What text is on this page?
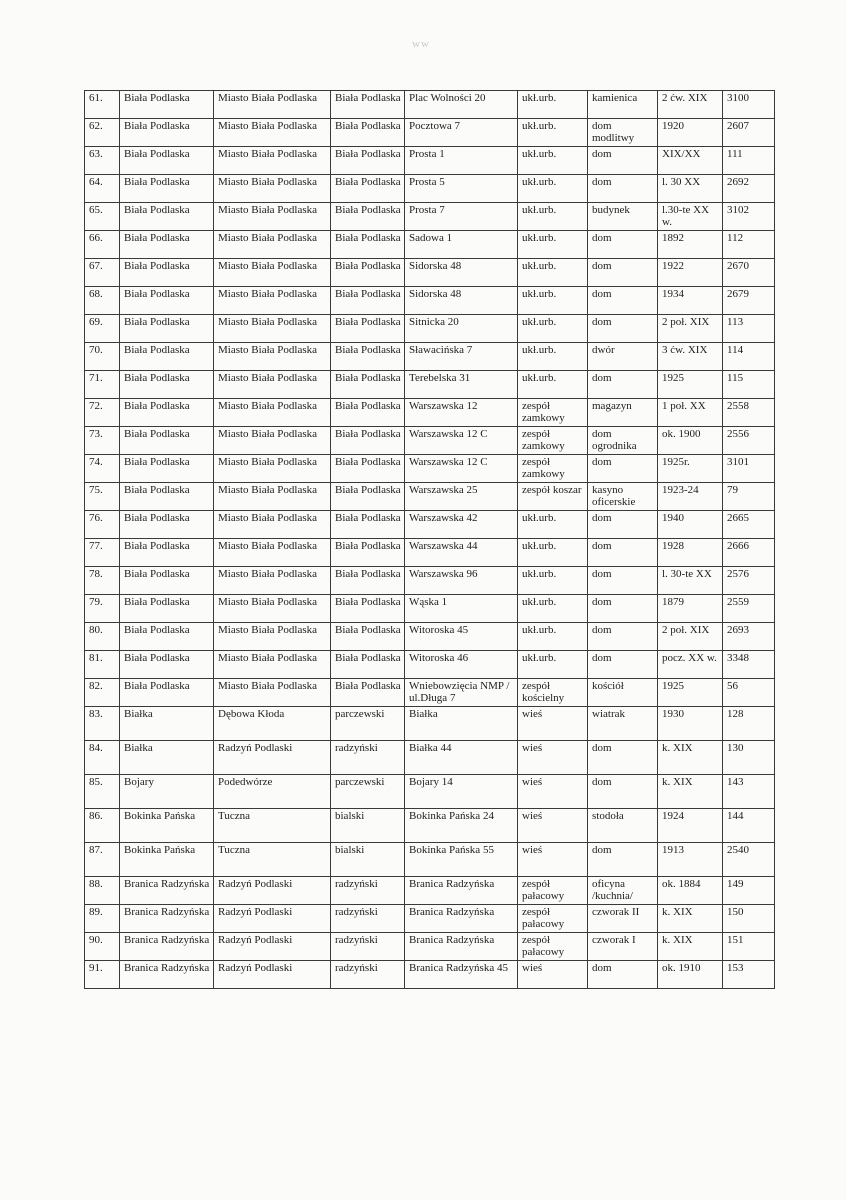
ww
61.	Biała Podlaska	Miasto Biała Podlaska	Biała Podlaska	Plac Wolności 20	ukł.urb.	kamienica	2 ćw. XIX	3100
62.	Biała Podlaska	Miasto Biała Podlaska	Biała Podlaska	Pocztowa 7	ukł.urb.	dom modlitwy	1920	2607
63.	Biała Podlaska	Miasto Biała Podlaska	Biała Podlaska	Prosta 1	ukł.urb.	dom	XIX/XX	111
64.	Biała Podlaska	Miasto Biała Podlaska	Biała Podlaska	Prosta 5	ukł.urb.	dom	l. 30 XX	2692
65.	Biała Podlaska	Miasto Biała Podlaska	Biała Podlaska	Prosta 7	ukł.urb.	budynek	l.30-te XX w.	3102
66.	Biała Podlaska	Miasto Biała Podlaska	Biała Podlaska	Sadowa 1	ukł.urb.	dom	1892	112
67.	Biała Podlaska	Miasto Biała Podlaska	Biała Podlaska	Sidorska 48	ukł.urb.	dom	1922	2670
68.	Biała Podlaska	Miasto Biała Podlaska	Biała Podlaska	Sidorska 48	ukł.urb.	dom	1934	2679
69.	Biała Podlaska	Miasto Biała Podlaska	Biała Podlaska	Sitnicka 20	ukł.urb.	dom	2 poł. XIX	113
70.	Biała Podlaska	Miasto Biała Podlaska	Biała Podlaska	Sławacińska 7	ukł.urb.	dwór	3 ćw. XIX	114
71.	Biała Podlaska	Miasto Biała Podlaska	Biała Podlaska	Terebelska 31	ukł.urb.	dom	1925	115
72.	Biała Podlaska	Miasto Biała Podlaska	Biała Podlaska	Warszawska 12	zespół zamkowy	magazyn	1 poł. XX	2558
73.	Biała Podlaska	Miasto Biała Podlaska	Biała Podlaska	Warszawska 12 C	zespół zamkowy	dom ogrodnika	ok. 1900	2556
74.	Biała Podlaska	Miasto Biała Podlaska	Biała Podlaska	Warszawska 12 C	zespół zamkowy	dom	1925r.	3101
75.	Biała Podlaska	Miasto Biała Podlaska	Biała Podlaska	Warszawska 25	zespół koszar	kasyno oficerskie	1923-24	79
76.	Biała Podlaska	Miasto Biała Podlaska	Biała Podlaska	Warszawska 42	ukł.urb.	dom	1940	2665
77.	Biała Podlaska	Miasto Biała Podlaska	Biała Podlaska	Warszawska 44	ukł.urb.	dom	1928	2666
78.	Biała Podlaska	Miasto Biała Podlaska	Biała Podlaska	Warszawska 96	ukł.urb.	dom	l. 30-te XX	2576
79.	Biała Podlaska	Miasto Biała Podlaska	Biała Podlaska	Wąska 1	ukł.urb.	dom	1879	2559
80.	Biała Podlaska	Miasto Biała Podlaska	Biała Podlaska	Witoroska 45	ukł.urb.	dom	2 poł. XIX	2693
81.	Biała Podlaska	Miasto Biała Podlaska	Biała Podlaska	Witoroska 46	ukł.urb.	dom	pocz. XX w.	3348
82.	Biała Podlaska	Miasto Biała Podlaska	Biała Podlaska	Wniebowzięcia NMP / ul.Długa 7	zespół kościelny	kościół	1925	56
83.	Białka	Dębowa Kłoda	parczewski	Białka	wieś	wiatrak	1930	128
84.	Białka	Radzyń Podlaski	radzyński	Białka 44	wieś	dom	k. XIX	130
85.	Bojary	Podedwórze	parczewski	Bojary 14	wieś	dom	k. XIX	143
86.	Bokinka Pańska	Tuczna	bialski	Bokinka Pańska 24	wieś	stodoła	1924	144
87.	Bokinka Pańska	Tuczna	bialski	Bokinka Pańska 55	wieś	dom	1913	2540
88.	Branica Radzyńska	Radzyń Podlaski	radzyński	Branica Radzyńska	zespół pałacowy	oficyna /kuchnia/	ok. 1884	149
89.	Branica Radzyńska	Radzyń Podlaski	radzyński	Branica Radzyńska	zespół pałacowy	czworak II	k. XIX	150
90.	Branica Radzyńska	Radzyń Podlaski	radzyński	Branica Radzyńska	zespół pałacowy	czworak I	k. XIX	151
91.	Branica Radzyńska	Radzyń Podlaski	radzyński	Branica Radzyńska 45	wieś	dom	ok. 1910	153
